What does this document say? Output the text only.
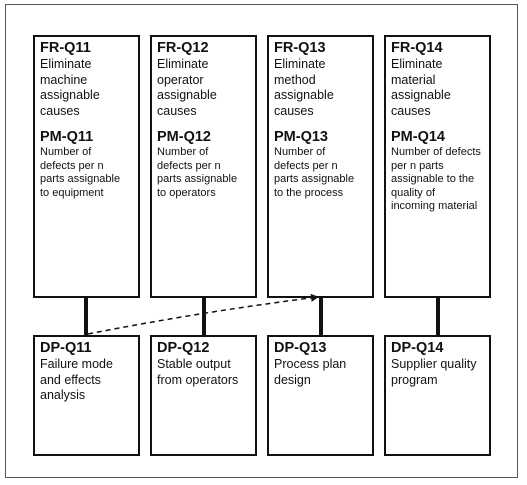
FR-Q11
Eliminate
machine
assignable
causes
PM-Q11
Number of
defects per n
parts assignable
to equipment
DP-Q11
Failure mode
and effects
analysis
FR-Q12
Eliminate
operator
assignable
causes
PM-Q12
Number of
defects per n
parts assignable
to operators
DP-Q12
Stable output
from operators
FR-Q13
Eliminate
method
assignable
causes
PM-Q13
Number of
defects per n
parts assignable
to the process
DP-Q13
Process plan
design
FR-Q14
Eliminate
material
assignable
causes
PM-Q14
Number of defects
per n parts
assignable to the
quality of
incoming material
DP-Q14
Supplier quality
program
